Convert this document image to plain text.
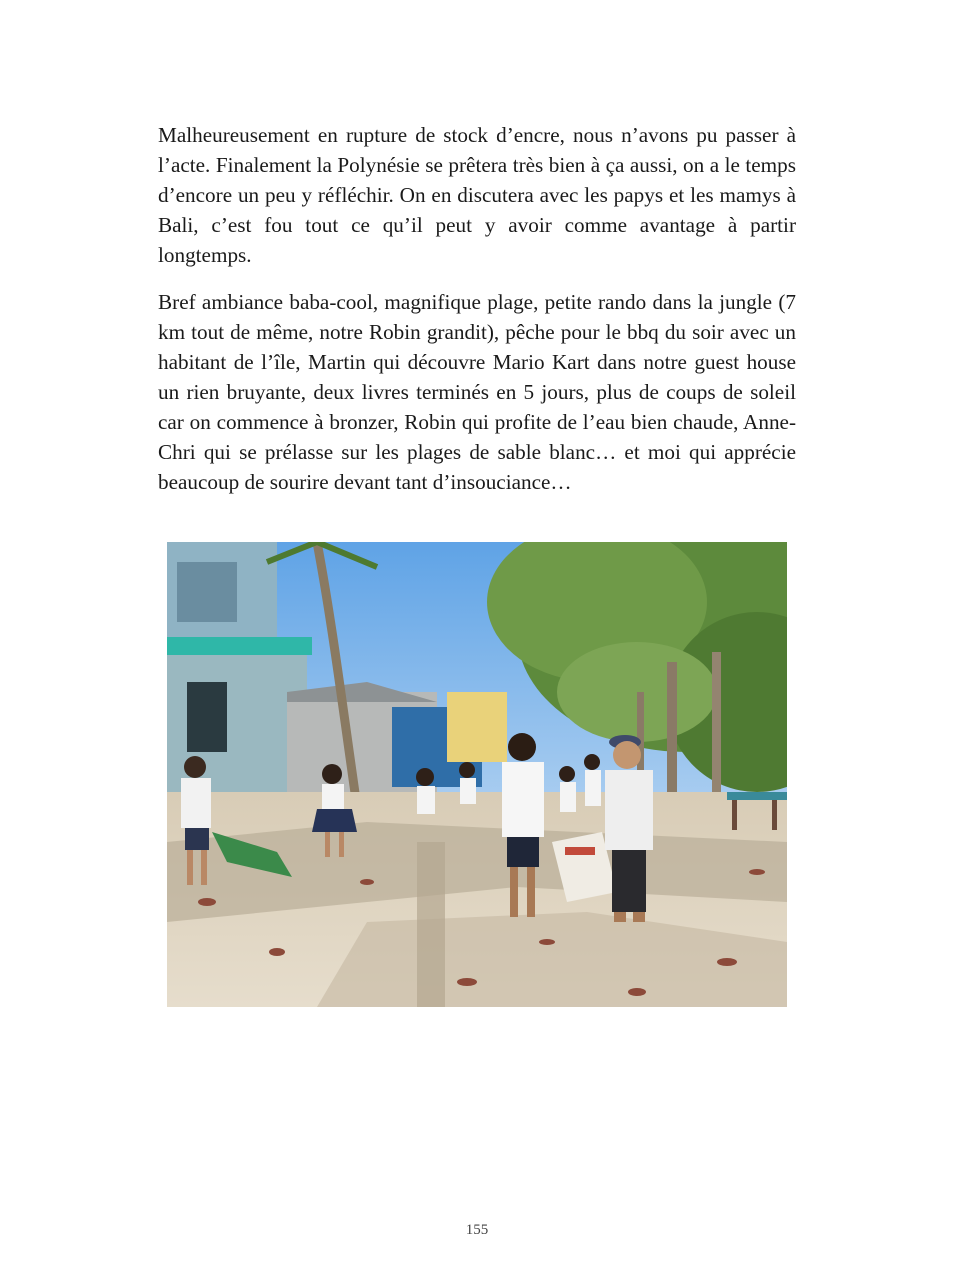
Malheureusement en rupture de stock d’encre, nous n’avons pu passer à l’acte. Finalement la Polynésie se prêtera très bien à ça aussi, on a le temps d’encore un peu y réfléchir. On en discutera avec les papys et les mamys à Bali, c’est fou tout ce qu’il peut y avoir comme avantage à partir longtemps.

Bref ambiance baba-cool, magnifique plage, petite rando dans la jungle (7 km tout de même, notre Robin grandit), pêche pour le bbq du soir avec un habitant de l’île, Martin qui découvre Mario Kart dans notre guest house un rien bruyante, deux livres terminés en 5 jours, plus de coups de soleil car on commence à bronzer, Robin qui profite de l’eau bien chaude, Anne-Chri qui se prélasse sur les plages de sable blanc… et moi qui apprécie beaucoup de sourire devant tant d’insouciance…

155
